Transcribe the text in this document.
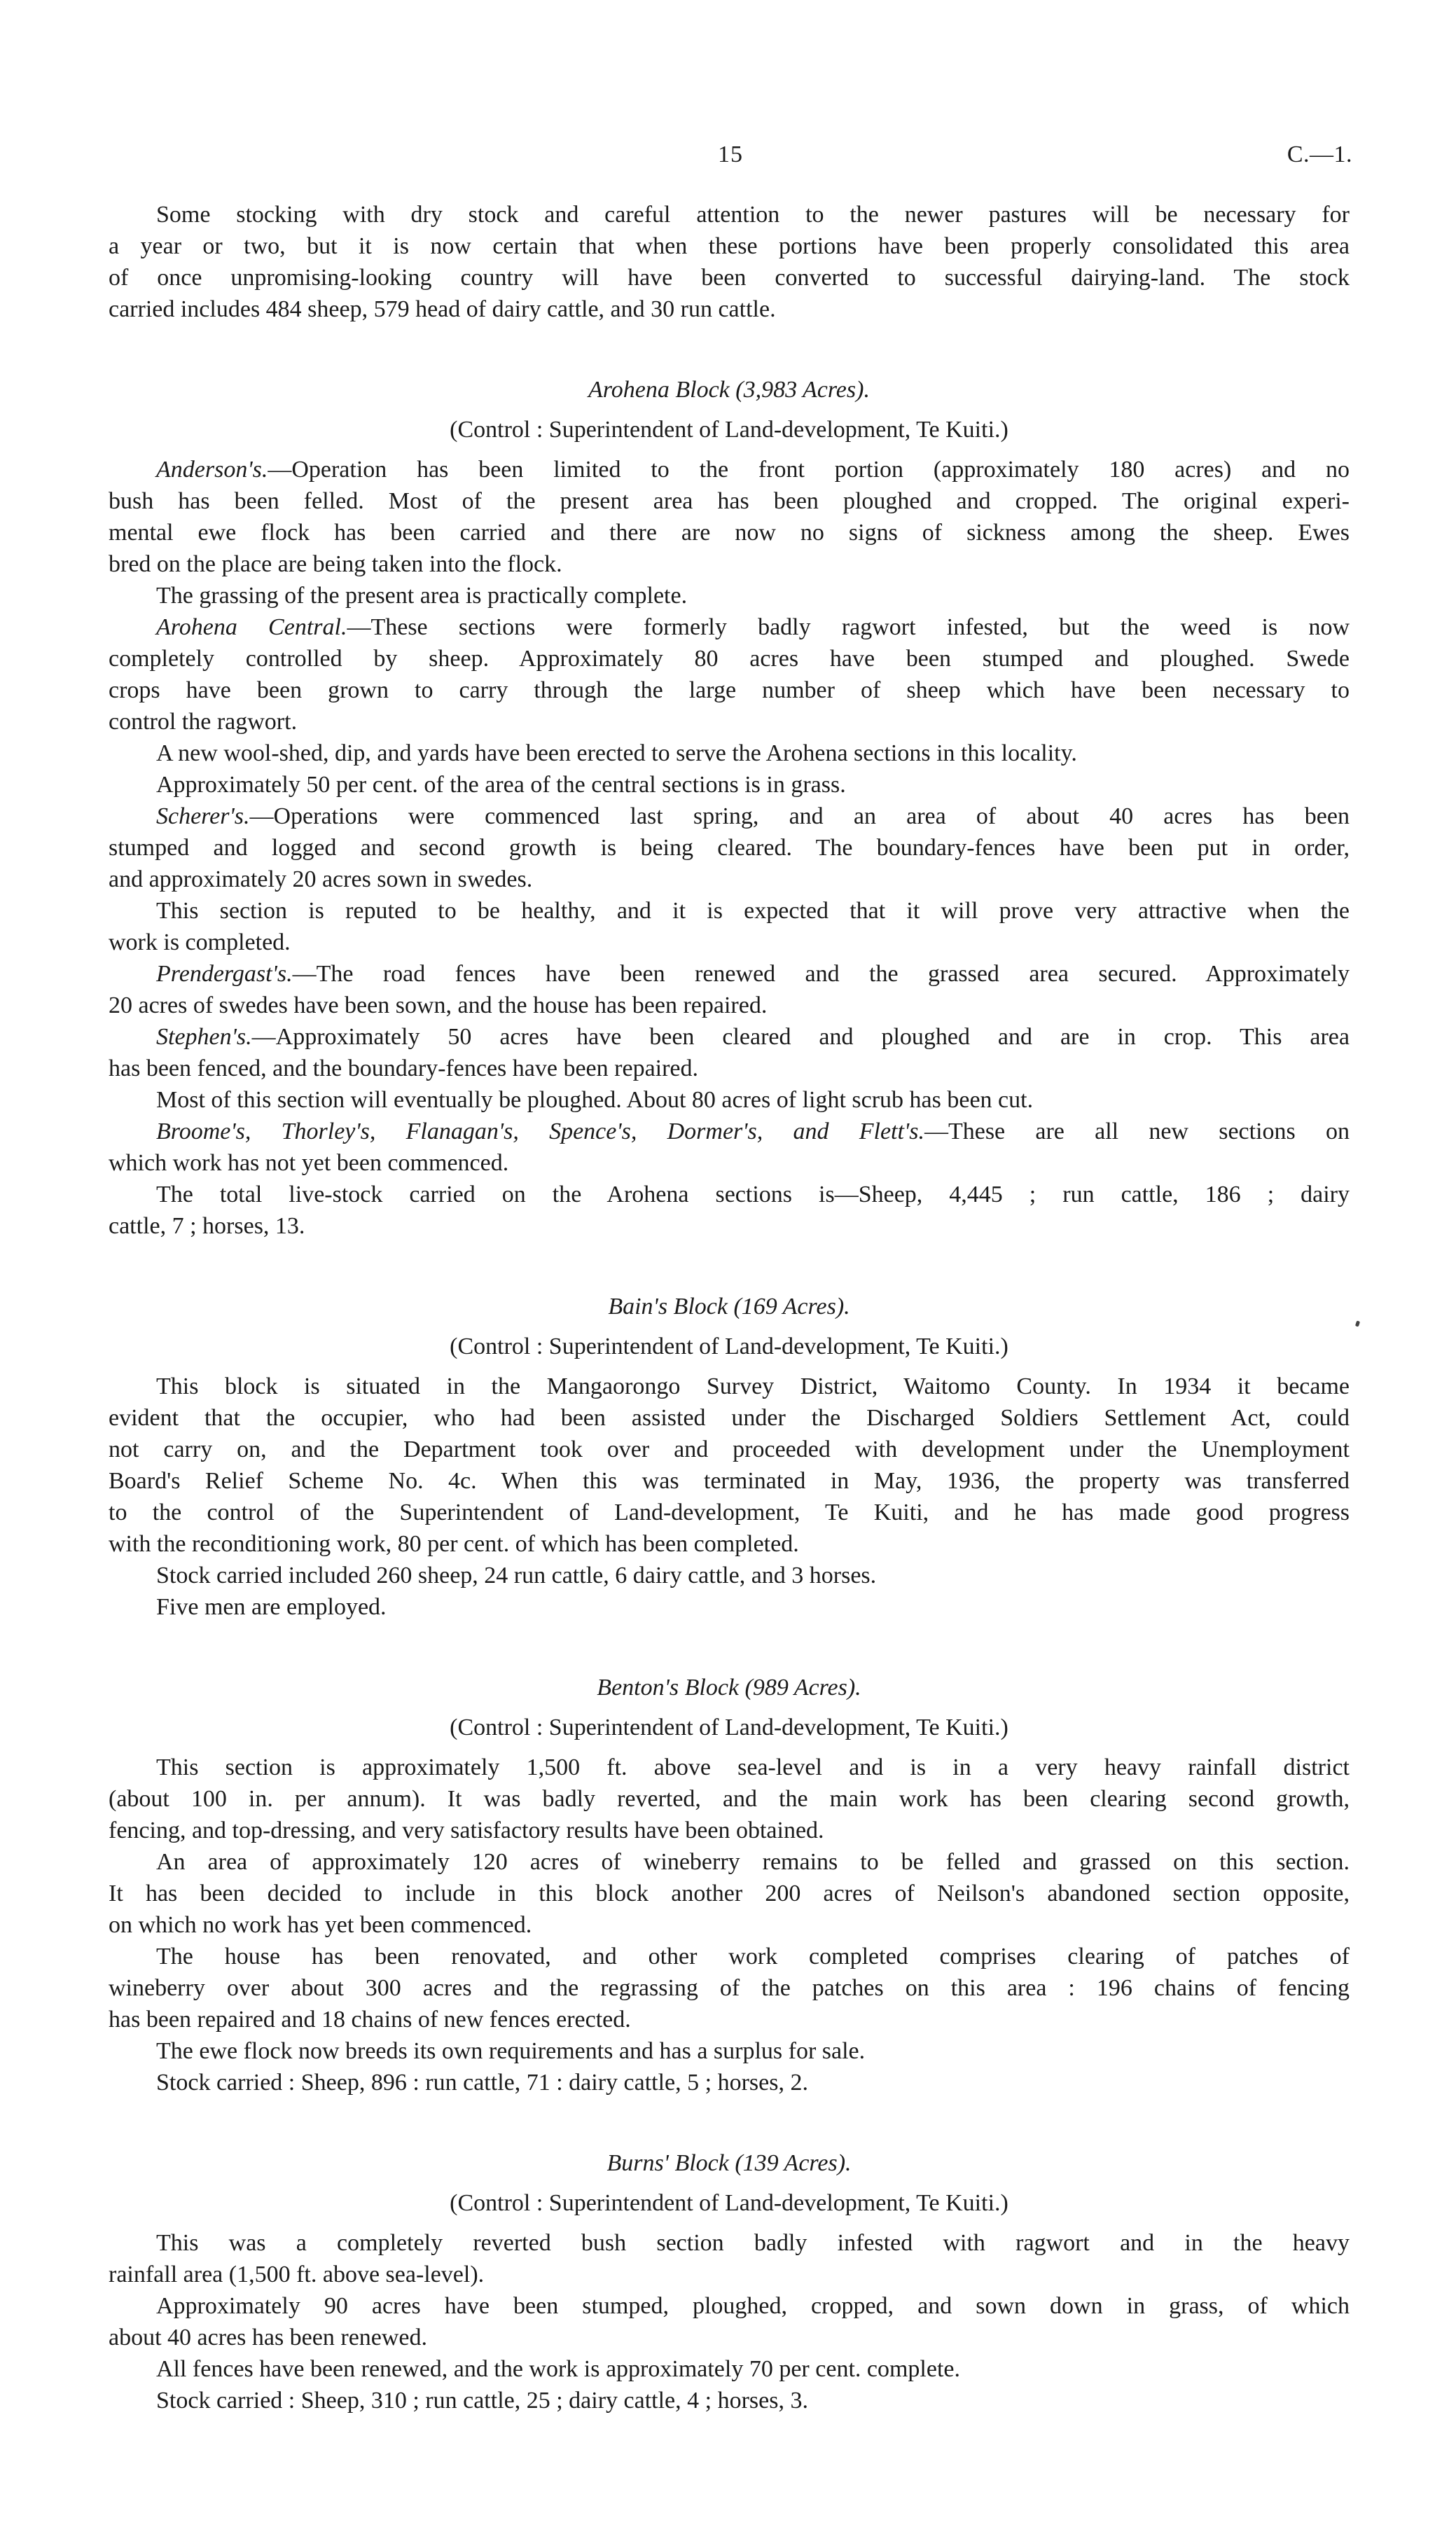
15	C.—1.
Some stocking with dry stock and careful attention to the newer pastures will be necessary for
a year or two, but it is now certain that when these portions have been properly consolidated this area
of once unpromising-looking country will have been converted to successful dairying-land. The stock
carried includes 484 sheep, 579 head of dairy cattle, and 30 run cattle.
Arohena Block (3,983 Acres).
(Control : Superintendent of Land-development, Te Kuiti.)
Anderson's.—Operation has been limited to the front portion (approximately 180 acres) and no
bush has been felled. Most of the present area has been ploughed and cropped. The original experi-
mental ewe flock has been carried and there are now no signs of sickness among the sheep. Ewes
bred on the place are being taken into the flock.
The grassing of the present area is practically complete.
Arohena Central.—These sections were formerly badly ragwort infested, but the weed is now
completely controlled by sheep. Approximately 80 acres have been stumped and ploughed. Swede
crops have been grown to carry through the large number of sheep which have been necessary to
control the ragwort.
A new wool-shed, dip, and yards have been erected to serve the Arohena sections in this locality.
Approximately 50 per cent. of the area of the central sections is in grass.
Scherer's.—Operations were commenced last spring, and an area of about 40 acres has been
stumped and logged and second growth is being cleared. The boundary-fences have been put in order,
and approximately 20 acres sown in swedes.
This section is reputed to be healthy, and it is expected that it will prove very attractive when the
work is completed.
Prendergast's.—The road fences have been renewed and the grassed area secured. Approximately
20 acres of swedes have been sown, and the house has been repaired.
Stephen's.—Approximately 50 acres have been cleared and ploughed and are in crop. This area
has been fenced, and the boundary-fences have been repaired.
Most of this section will eventually be ploughed. About 80 acres of light scrub has been cut.
Broome's, Thorley's, Flanagan's, Spence's, Dormer's, and Flett's.—These are all new sections on
which work has not yet been commenced.
The total live-stock carried on the Arohena sections is—Sheep, 4,445 ; run cattle, 186 ; dairy
cattle, 7 ; horses, 13.
Bain's Block (169 Acres).
(Control : Superintendent of Land-development, Te Kuiti.)
This block is situated in the Mangaorongo Survey District, Waitomo County. In 1934 it became
evident that the occupier, who had been assisted under the Discharged Soldiers Settlement Act, could
not carry on, and the Department took over and proceeded with development under the Unemployment
Board's Relief Scheme No. 4c. When this was terminated in May, 1936, the property was transferred
to the control of the Superintendent of Land-development, Te Kuiti, and he has made good progress
with the reconditioning work, 80 per cent. of which has been completed.
Stock carried included 260 sheep, 24 run cattle, 6 dairy cattle, and 3 horses.
Five men are employed.
Benton's Block (989 Acres).
(Control : Superintendent of Land-development, Te Kuiti.)
This section is approximately 1,500 ft. above sea-level and is in a very heavy rainfall district
(about 100 in. per annum). It was badly reverted, and the main work has been clearing second growth,
fencing, and top-dressing, and very satisfactory results have been obtained.
An area of approximately 120 acres of wineberry remains to be felled and grassed on this section.
It has been decided to include in this block another 200 acres of Neilson's abandoned section opposite,
on which no work has yet been commenced.
The house has been renovated, and other work completed comprises clearing of patches of
wineberry over about 300 acres and the regrassing of the patches on this area : 196 chains of fencing
has been repaired and 18 chains of new fences erected.
The ewe flock now breeds its own requirements and has a surplus for sale.
Stock carried : Sheep, 896 : run cattle, 71 : dairy cattle, 5 ; horses, 2.
Burns' Block (139 Acres).
(Control : Superintendent of Land-development, Te Kuiti.)
This was a completely reverted bush section badly infested with ragwort and in the heavy
rainfall area (1,500 ft. above sea-level).
Approximately 90 acres have been stumped, ploughed, cropped, and sown down in grass, of which
about 40 acres has been renewed.
All fences have been renewed, and the work is approximately 70 per cent. complete.
Stock carried : Sheep, 310 ; run cattle, 25 ; dairy cattle, 4 ; horses, 3.
